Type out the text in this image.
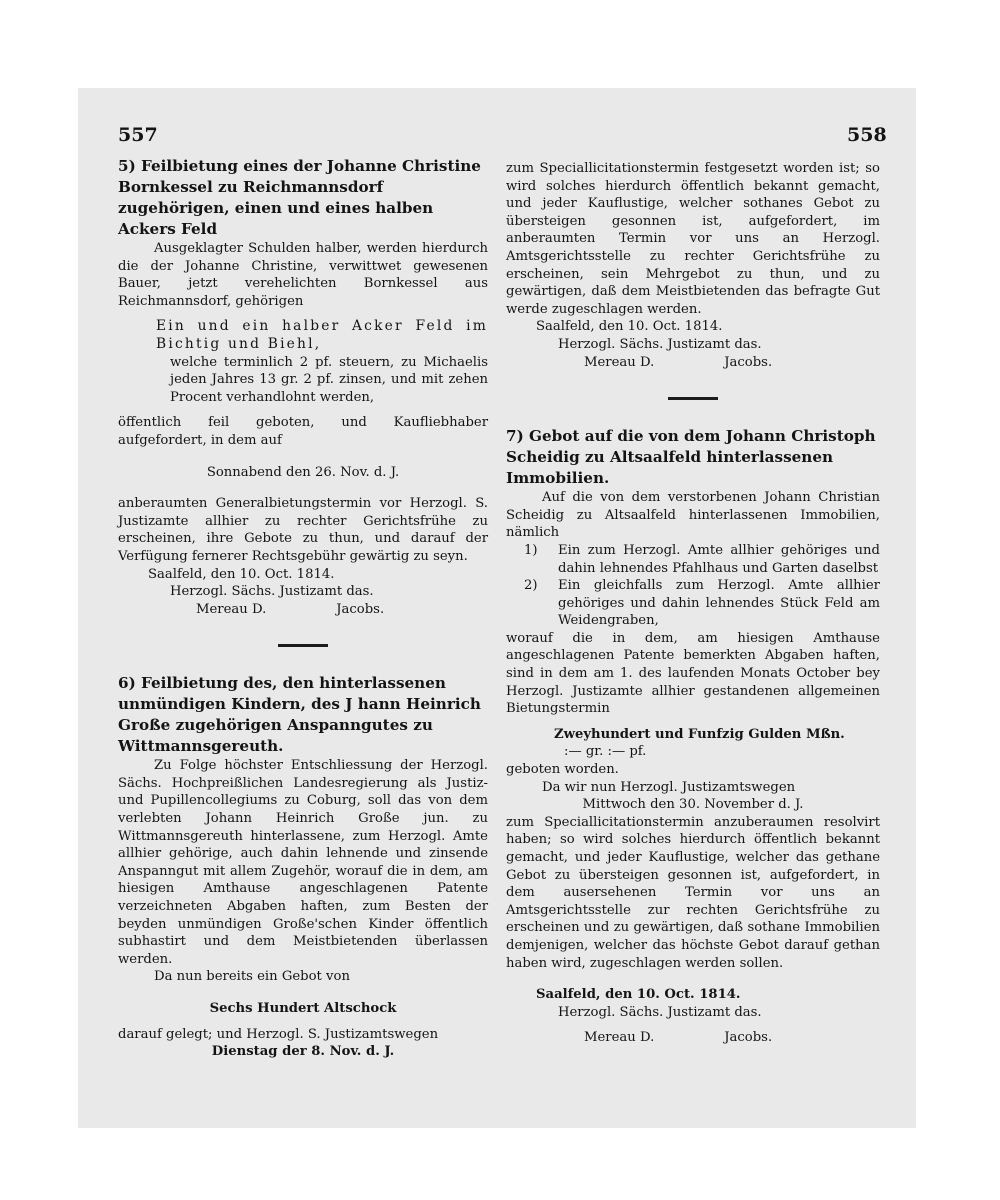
557	558

5) Feilbietung eines der Johanne Christine Bornkessel zu Reichmannsdorf zugehörigen, einen und eines halben Ackers Feld

Ausgeklagter Schulden halber, werden hierdurch die der Johanne Christine, verwittwet gewesenen Bauer, jetzt verehelichten Bornkessel aus Reichmannsdorf, gehörigen

Ein und ein halber Acker Feld im Bichtig und Biehl,

welche terminlich 2 pf. steuern, zu Michaelis jeden Jahres 13 gr. 2 pf. zinsen, und mit zehen Procent verhandlohnt werden,

öffentlich feil geboten, und Kaufliebhaber aufgefordert, in dem auf

Sonnabend den 26. Nov. d. J.

anberaumten Generalbietungstermin vor Herzogl. S. Justizamte allhier zu rechter Gerichtsfrühe zu erscheinen, ihre Gebote zu thun, und darauf der Verfügung fernerer Rechtsgebühr gewärtig zu seyn.

Saalfeld, den 10. Oct. 1814.

Herzogl. Sächs. Justizamt das.

Mereau D.	Jacobs.

6) Feilbietung des, den hinterlassenen unmündigen Kindern, des J hann Heinrich Große zugehörigen Anspanngutes zu Wittmannsgereuth.

Zu Folge höchster Entschliessung der Herzogl. Sächs. Hochpreißlichen Landesregierung als Justiz- und Pupillencollegiums zu Coburg, soll das von dem verlebten Johann Heinrich Große jun. zu Wittmannsgereuth hinterlassene, zum Herzogl. Amte allhier gehörige, auch dahin lehnende und zinsende Anspanngut mit allem Zugehör, worauf die in dem, am hiesigen Amthause angeschlagenen Patente verzeichneten Abgaben haften, zum Besten der beyden unmündigen Große'schen Kinder öffentlich subhastirt und dem Meistbietenden überlassen werden.

Da nun bereits ein Gebot von

Sechs Hundert Altschock

darauf gelegt; und Herzogl. S. Justizamtswegen

Dienstag der 8. Nov. d. J.

zum Speciallicitationstermin festgesetzt worden ist; so wird solches hierdurch öffentlich bekannt gemacht, und jeder Kauflustige, welcher sothanes Gebot zu übersteigen gesonnen ist, aufgefordert, im anberaumten Termin vor uns an Herzogl. Amtsgerichtsstelle zu rechter Gerichtsfrühe zu erscheinen, sein Mehrgebot zu thun, und zu gewärtigen, daß dem Meistbietenden das befragte Gut werde zugeschlagen werden.

Saalfeld, den 10. Oct. 1814.

Herzogl. Sächs. Justizamt das.

Mereau D.	Jacobs.

7) Gebot auf die von dem Johann Christoph Scheidig zu Altsaalfeld hinterlassenen Immobilien.

Auf die von dem verstorbenen Johann Christian Scheidig zu Altsaalfeld hinterlassenen Immobilien, nämlich

1)	Ein zum Herzogl. Amte allhier gehöriges und dahin lehnendes Pfahlhaus und Garten daselbst
2)	Ein gleichfalls zum Herzogl. Amte allhier gehöriges und dahin lehnendes Stück Feld am Weidengraben,

worauf die in dem, am hiesigen Amthause angeschlagenen Patente bemerkten Abgaben haften, sind in dem am 1. des laufenden Monats October bey Herzogl. Justizamte allhier gestandenen allgemeinen Bietungstermin

Zweyhundert und Funfzig Gulden Mßn.

:— gr. :— pf.

geboten worden.

Da wir nun Herzogl. Justizamtswegen

Mittwoch den 30. November d. J.

zum Speciallicitationstermin anzuberaumen resolvirt haben; so wird solches hierdurch öffentlich bekannt gemacht, und jeder Kauflustige, welcher das gethane Gebot zu übersteigen gesonnen ist, aufgefordert, in dem ausersehenen Termin vor uns an Amtsgerichtsstelle zur rechten Gerichtsfrühe zu erscheinen und zu gewärtigen, daß sothane Immobilien demjenigen, welcher das höchste Gebot darauf gethan haben wird, zugeschlagen werden sollen.

Saalfeld, den 10. Oct. 1814.

Herzogl. Sächs. Justizamt das.

Mereau D.	Jacobs.
